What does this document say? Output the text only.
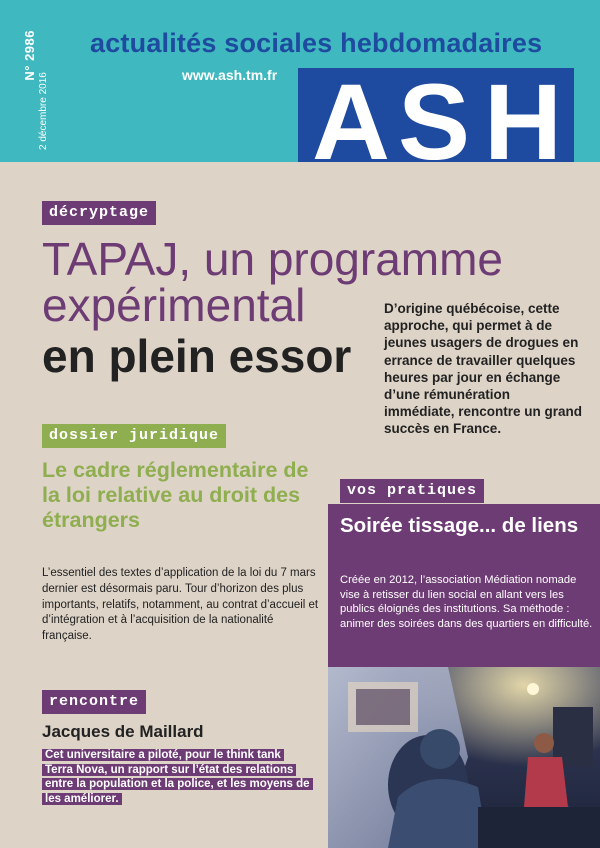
N° 2986
2 décembre 2016
actualités sociales hebdomadaires
www.ash.tm.fr A S H
décryptage
TAPAJ, un programme
expérimental
en plein essor
D’origine québécoise, cette approche, qui permet à de jeunes usagers de drogues en errance de travailler quelques heures par jour en échange d’une rémunération immédiate, rencontre un grand succès en France.
dossier juridique
Le cadre réglementaire de la loi relative au droit des étrangers
L’essentiel des textes d’application de la loi du 7 mars dernier est désormais paru. Tour d’horizon des plus importants, relatifs, notamment, au contrat d’accueil et d’intégration et à l’acquisition de la nationalité française.
rencontre
Jacques de Maillard
Cet universitaire a piloté, pour le think tank Terra Nova, un rapport sur l’état des relations entre la population et la police, et les moyens de les améliorer.
vos pratiques
Soirée tissage... de liens
Créée en 2012, l’association Médiation nomade vise à retisser du lien social en allant vers les publics éloignés des institutions. Sa méthode : animer des soirées dans des quartiers en difficulté.
